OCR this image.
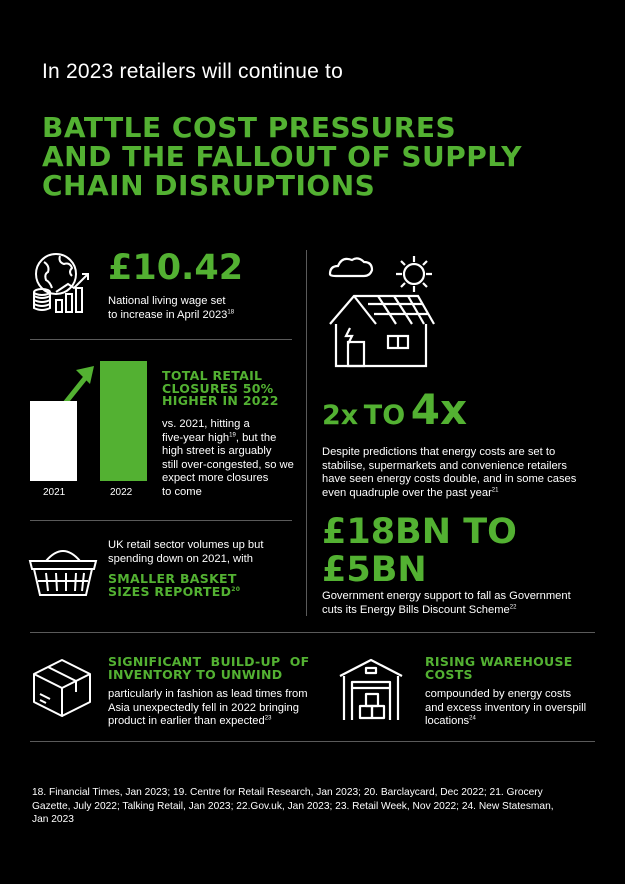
In 2023 retailers will continue to
BATTLE COST PRESSURES
AND THE FALLOUT OF SUPPLY
CHAIN DISRUPTIONS
£10.42
National living wage set
to increase in April 2023$^{18}$
2021	2022
TOTAL RETAIL
CLOSURES 50%
HIGHER IN 2022
vs. 2021, hitting a
five-year high$^{19}$, but the
high street is arguably
still over-congested, so we
expect more closures
to come
UK retail sector volumes up but
spending down on 2021, with
SMALLER BASKET
SIZES REPORTED$^{20}$
2x TO 4x
Despite predictions that energy costs are set to
stabilise, supermarkets and convenience retailers
have seen energy costs double, and in some cases
even quadruple over the past year$^{21}$
£18BN TO
£5BN
Government energy support to fall as Government
cuts its Energy Bills Discount Scheme$^{22}$
SIGNIFICANT  BUILD-UP  OF
INVENTORY TO UNWIND
particularly in fashion as lead times from
Asia unexpectedly fell in 2022 bringing
product in earlier than expected$^{23}$
RISING WAREHOUSE
COSTS
compounded by energy costs
and excess inventory in overspill
locations$^{24}$
18. Financial Times, Jan 2023; 19. Centre for Retail Research, Jan 2023; 20. Barclaycard, Dec 2022; 21. Grocery
Gazette, July 2022; Talking Retail, Jan 2023; 22.Gov.uk, Jan 2023; 23. Retail Week, Nov 2022; 24. New Statesman,
Jan 2023
